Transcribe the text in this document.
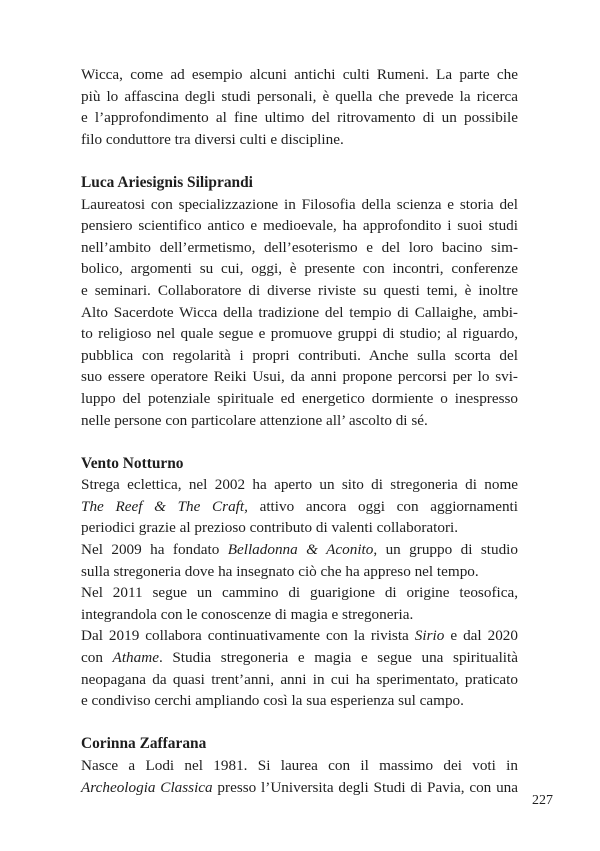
Wicca, come ad esempio alcuni antichi culti Rumeni. La parte che
più lo affascina degli studi personali, è quella che prevede la ricerca
e l’approfondimento al fine ultimo del ritrovamento di un possibile
filo conduttore tra diversi culti e discipline.
Luca Ariesignis Siliprandi
Laureatosi con specializzazione in Filosofia della scienza e storia del
pensiero scientifico antico e medioevale, ha approfondito i suoi studi
nell’ambito dell’ermetismo, dell’esoterismo e del loro bacino sim-
bolico, argomenti su cui, oggi, è presente con incontri, conferenze
e seminari. Collaboratore di diverse riviste su questi temi, è inoltre
Alto Sacerdote Wicca della tradizione del tempio di Callaighe, ambi-
to religioso nel quale segue e promuove gruppi di studio; al riguardo,
pubblica con regolarità i propri contributi. Anche sulla scorta del
suo essere operatore Reiki Usui, da anni propone percorsi per lo svi-
luppo del potenziale spirituale ed energetico dormiente o inespresso
nelle persone con particolare attenzione all’ ascolto di sé.
Vento Notturno
Strega eclettica, nel 2002 ha aperto un sito di stregoneria di nome
The Reef & The Craft, attivo ancora oggi con aggiornamenti
periodici grazie al prezioso contributo di valenti collaboratori.
Nel 2009 ha fondato Belladonna & Aconito, un gruppo di studio
sulla stregoneria dove ha insegnato ciò che ha appreso nel tempo.
Nel 2011 segue un cammino di guarigione di origine teosofica,
integrandola con le conoscenze di magia e stregoneria.
Dal 2019 collabora continuativamente con la rivista Sirio e dal 2020
con Athame. Studia stregoneria e magia e segue una spiritualità
neopagana da quasi trent’anni, anni in cui ha sperimentato, praticato
e condiviso cerchi ampliando così la sua esperienza sul campo.
Corinna Zaffarana
Nasce a Lodi nel 1981. Si laurea con il massimo dei voti in
Archeologia Classica presso l’Universita degli Studi di Pavia, con una
227
